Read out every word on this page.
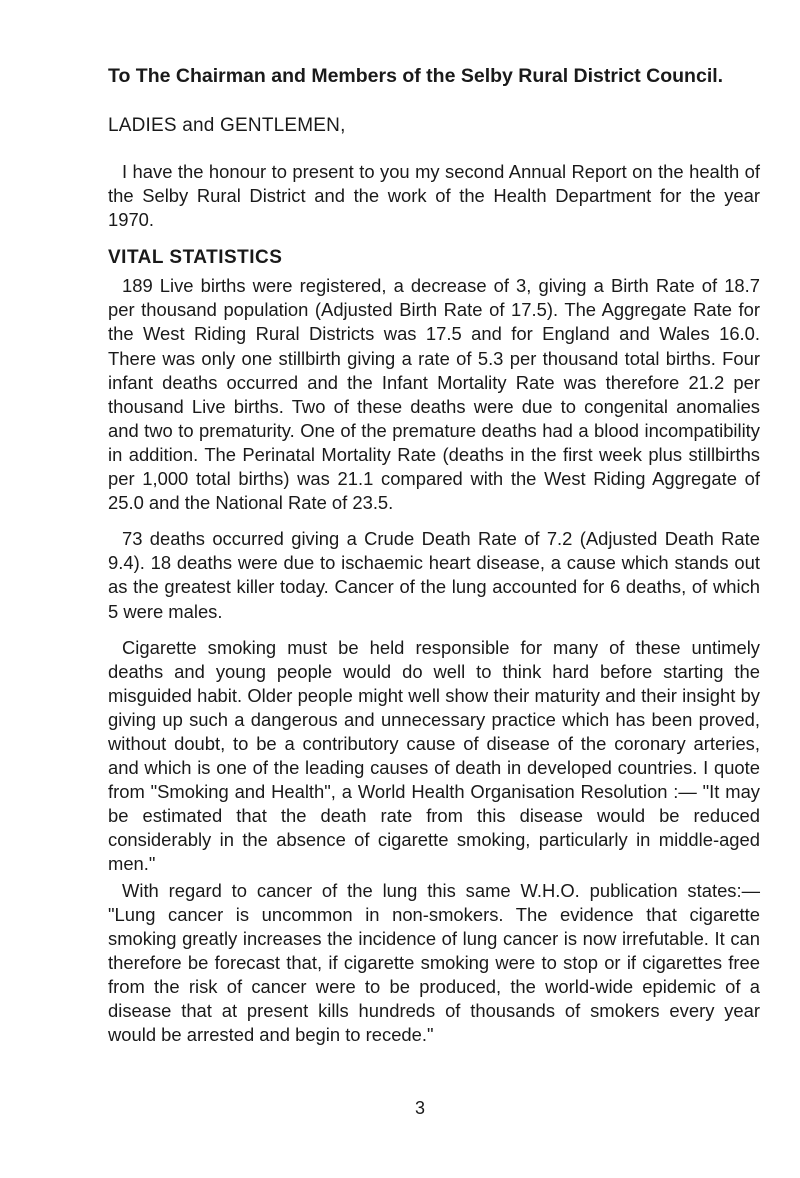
To The Chairman and Members of the Selby Rural District Council.
LADIES and GENTLEMEN,

I have the honour to present to you my second Annual Report on the health of the Selby Rural District and the work of the Health Department for the year 1970.

VITAL STATISTICS

189 Live births were registered, a decrease of 3, giving a Birth Rate of 18.7 per thousand population (Adjusted Birth Rate of 17.5). The Aggregate Rate for the West Riding Rural Districts was 17.5 and for England and Wales 16.0. There was only one stillbirth giving a rate of 5.3 per thousand total births. Four infant deaths occurred and the Infant Mortality Rate was therefore 21.2 per thousand Live births. Two of these deaths were due to congenital anomalies and two to prematurity. One of the premature deaths had a blood incompatibility in addition. The Perinatal Mortality Rate (deaths in the first week plus stillbirths per 1,000 total births) was 21.1 compared with the West Riding Aggregate of 25.0 and the National Rate of 23.5.

73 deaths occurred giving a Crude Death Rate of 7.2 (Adjusted Death Rate 9.4). 18 deaths were due to ischaemic heart disease, a cause which stands out as the greatest killer today. Cancer of the lung accounted for 6 deaths, of which 5 were males.

Cigarette smoking must be held responsible for many of these untimely deaths and young people would do well to think hard before starting the misguided habit. Older people might well show their maturity and their insight by giving up such a dangerous and unnecessary practice which has been proved, without doubt, to be a contributory cause of disease of the coronary arteries, and which is one of the leading causes of death in developed countries. I quote from "Smoking and Health", a World Health Organisation Resolution :— "It may be estimated that the death rate from this disease would be reduced considerably in the absence of cigarette smoking, particularly in middle-aged men."

With regard to cancer of the lung this same W.H.O. publication states:— "Lung cancer is uncommon in non-smokers. The evidence that cigarette smoking greatly increases the incidence of lung cancer is now irrefutable. It can therefore be forecast that, if cigarette smoking were to stop or if cigarettes free from the risk of cancer were to be produced, the world-wide epidemic of a disease that at present kills hundreds of thousands of smokers every year would be arrested and begin to recede."

3
